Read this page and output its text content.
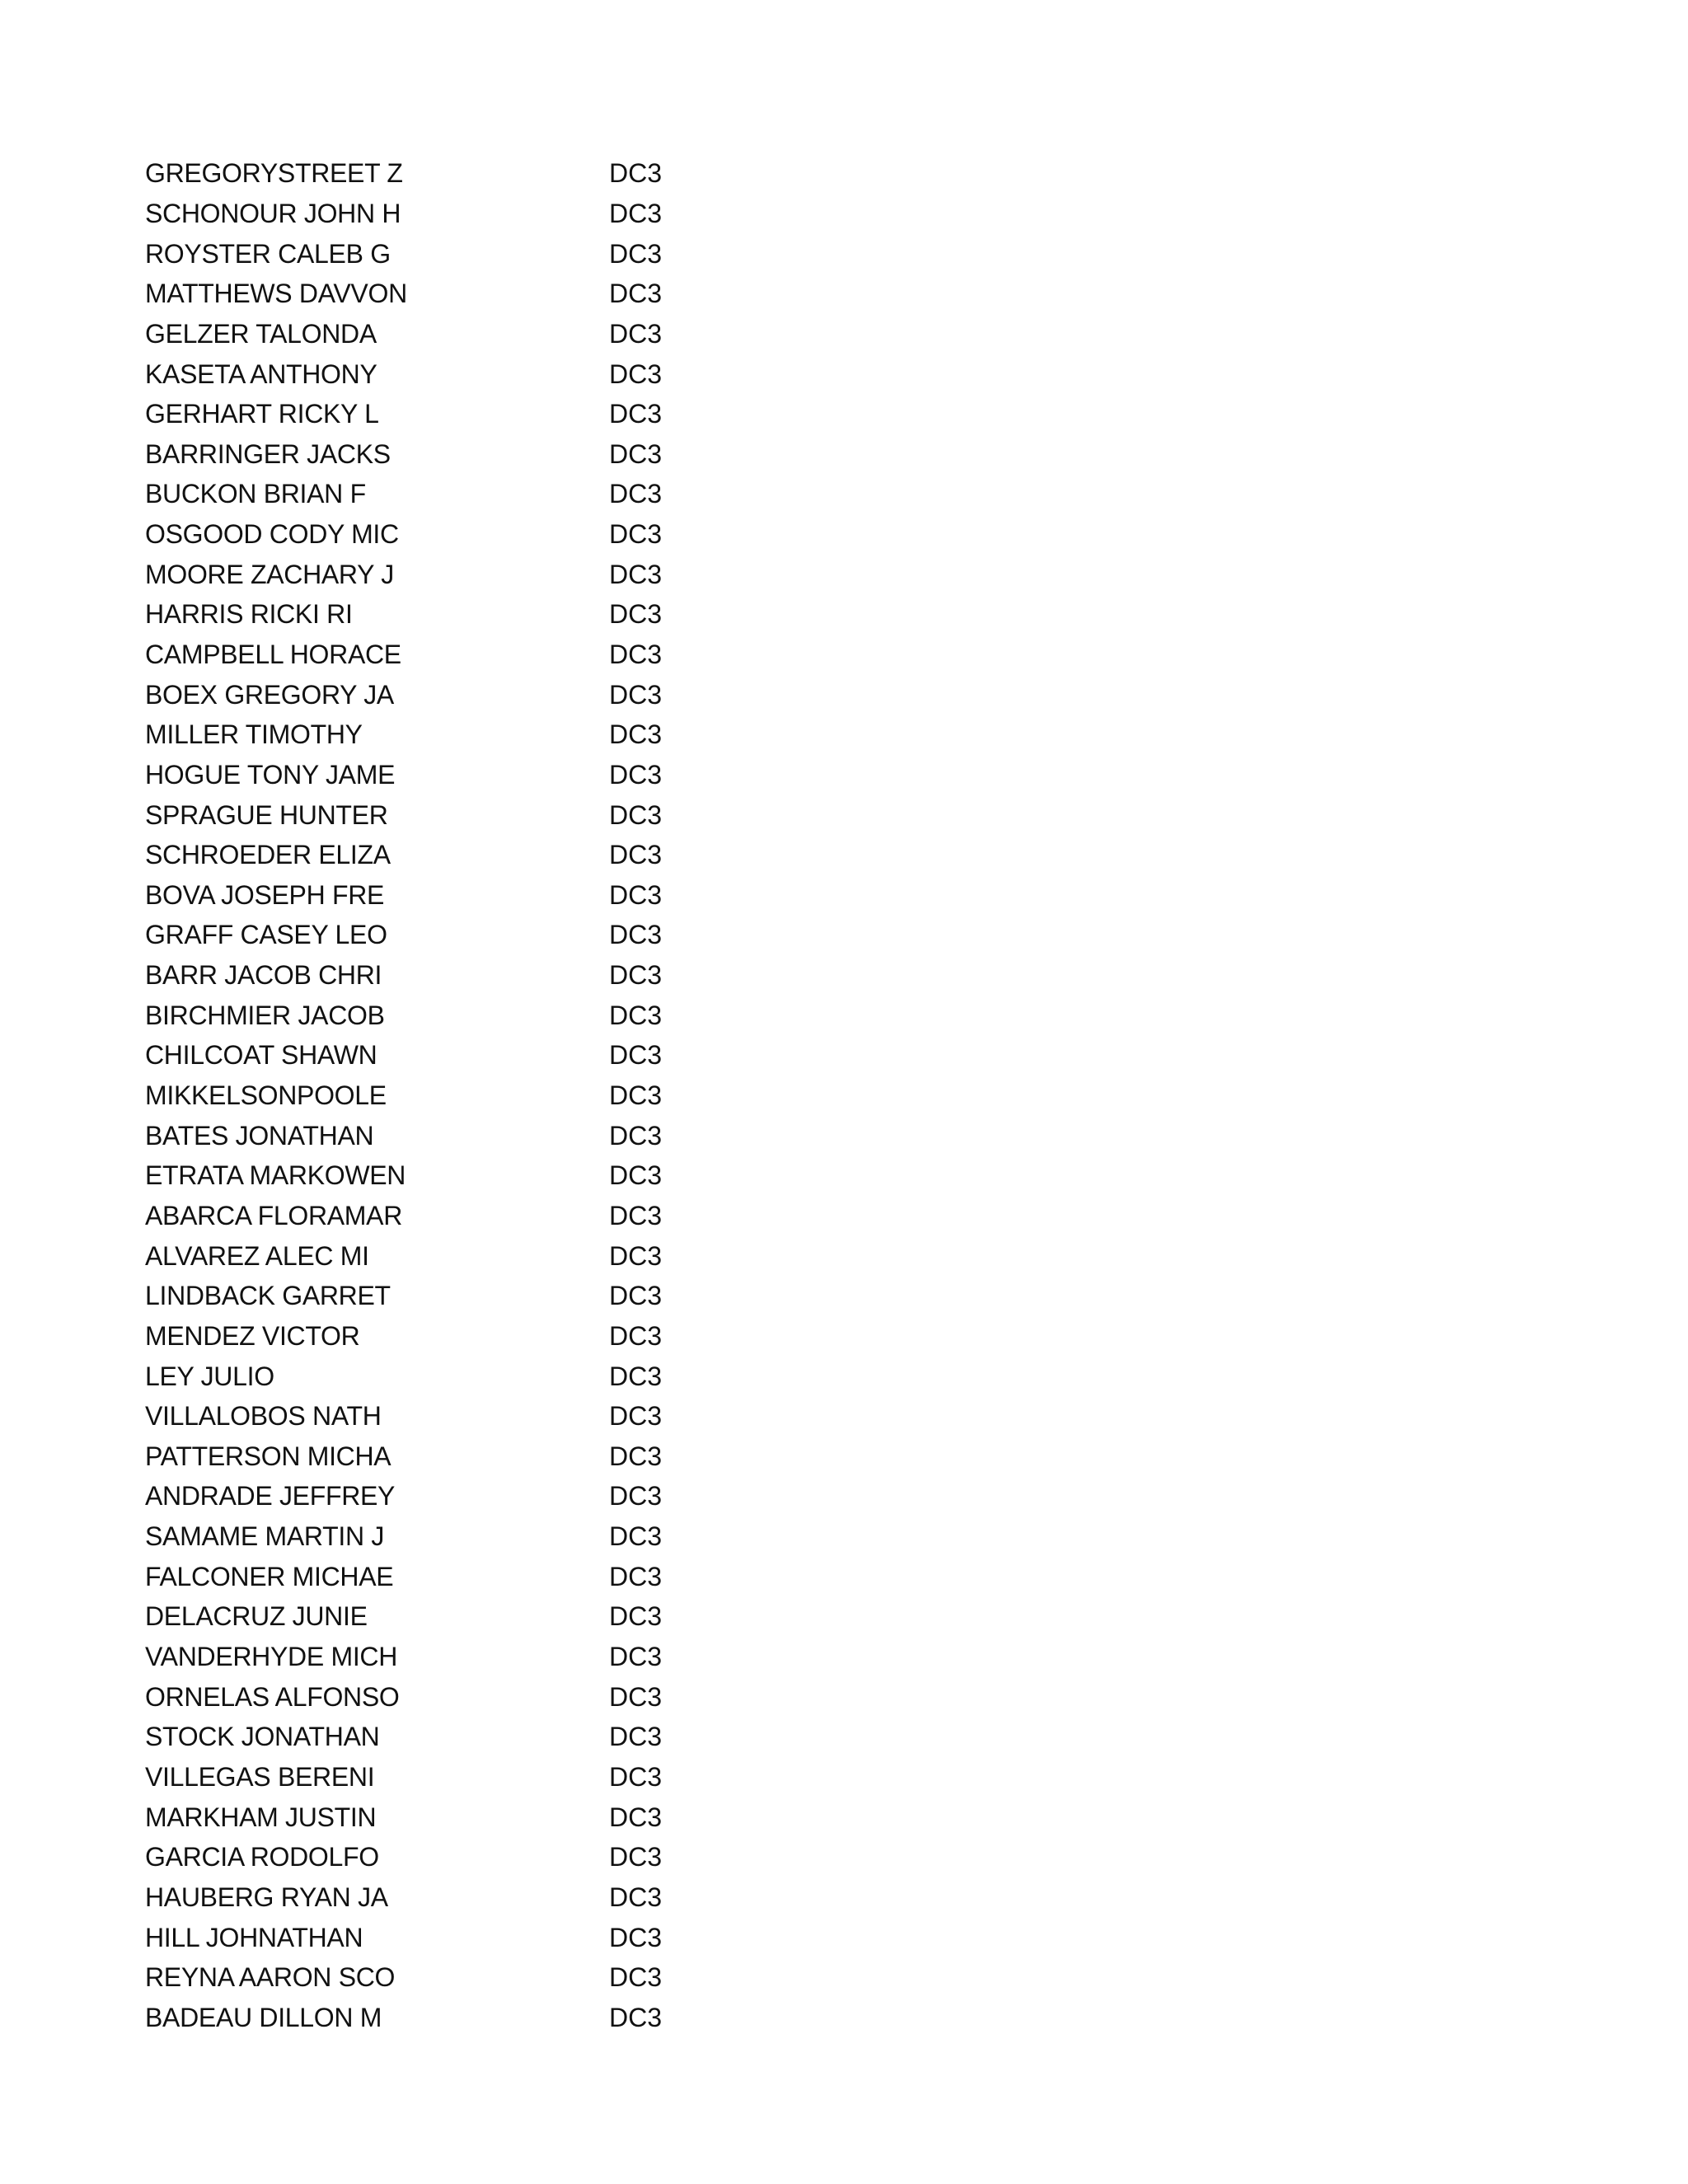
GREGORYSTREET Z	DC3
SCHONOUR JOHN H	DC3
ROYSTER CALEB G	DC3
MATTHEWS DAVVON	DC3
GELZER TALONDA	DC3
KASETA ANTHONY	DC3
GERHART RICKY L	DC3
BARRINGER JACKS	DC3
BUCKON BRIAN F	DC3
OSGOOD CODY MIC	DC3
MOORE ZACHARY J	DC3
HARRIS RICKI RI	DC3
CAMPBELL HORACE	DC3
BOEX GREGORY JA	DC3
MILLER TIMOTHY	DC3
HOGUE TONY JAME	DC3
SPRAGUE HUNTER	DC3
SCHROEDER ELIZA	DC3
BOVA JOSEPH FRE	DC3
GRAFF CASEY LEO	DC3
BARR JACOB CHRI	DC3
BIRCHMIER JACOB	DC3
CHILCOAT SHAWN	DC3
MIKKELSONPOOLE	DC3
BATES JONATHAN	DC3
ETRATA MARKOWEN	DC3
ABARCA FLORAMAR	DC3
ALVAREZ ALEC MI	DC3
LINDBACK GARRET	DC3
MENDEZ VICTOR	DC3
LEY JULIO	DC3
VILLALOBOS NATH	DC3
PATTERSON MICHA	DC3
ANDRADE JEFFREY	DC3
SAMAME MARTIN J	DC3
FALCONER MICHAE	DC3
DELACRUZ JUNIE	DC3
VANDERHYDE MICH	DC3
ORNELAS ALFONSO	DC3
STOCK JONATHAN	DC3
VILLEGAS BERENI	DC3
MARKHAM JUSTIN	DC3
GARCIA RODOLFO	DC3
HAUBERG RYAN JA	DC3
HILL JOHNATHAN	DC3
REYNA AARON SCO	DC3
BADEAU DILLON M	DC3
